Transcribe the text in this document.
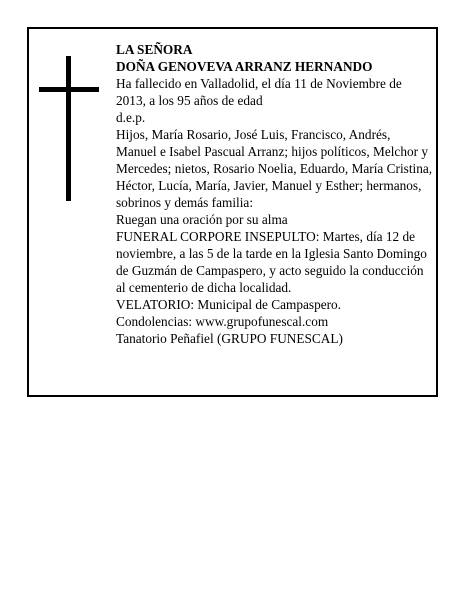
LA SEÑORA
DOÑA GENOVEVA ARRANZ HERNANDO
Ha fallecido en Valladolid, el día 11 de Noviembre de 2013, a los 95 años de edad
d.e.p.
Hijos, María Rosario, José Luis, Francisco, Andrés, Manuel e Isabel Pascual Arranz; hijos políticos, Melchor y Mercedes; nietos, Rosario Noelia, Eduardo, María Cristina, Héctor, Lucía, María, Javier, Manuel y Esther; hermanos, sobrinos y demás familia:
Ruegan una oración por su alma
FUNERAL CORPORE INSEPULTO: Martes, día 12 de noviembre, a las 5 de la tarde en la Iglesia Santo Domingo de Guzmán de Campaspero, y acto seguido la conducción al cementerio de dicha localidad.
VELATORIO: Municipal de Campaspero.
Condolencias: www.grupofunescal.com
Tanatorio Peñafiel (GRUPO FUNESCAL)
